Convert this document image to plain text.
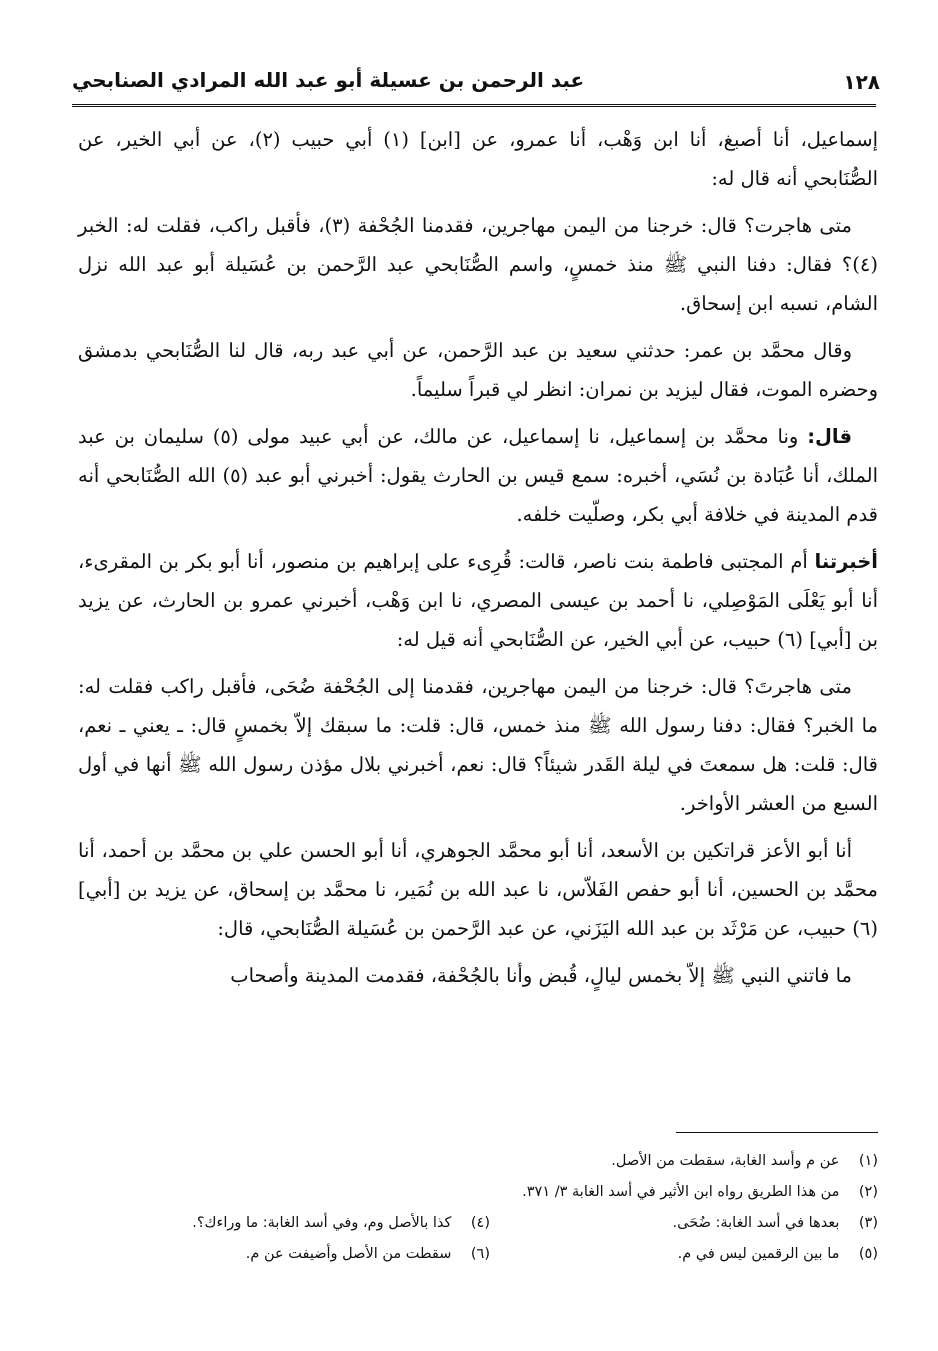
١٢٨
عبد الرحمن بن عسيلة أبو عبد الله المرادي الصنابحي

إسماعيل، أنا أصبغ، أنا ابن وَهْب، أنا عمرو، عن [ابن] (١) أبي حبيب (٢)، عن أبي الخير، عن الصُّنَابحي أنه قال له:

متى هاجرت؟ قال: خرجنا من اليمن مهاجرين، فقدمنا الجُحْفة (٣)، فأقبل راكب، فقلت له: الخبر (٤)؟ فقال: دفنا النبي ﷺ منذ خمسٍ، واسم الصُّنَابحي عبد الرَّحمن بن عُسَيلة أبو عبد الله نزل الشام، نسبه ابن إسحاق.

وقال محمَّد بن عمر: حدثني سعيد بن عبد الرَّحمن، عن أبي عبد ربه، قال لنا الصُّنَابحي بدمشق وحضره الموت، فقال ليزيد بن نمران: انظر لي قبراً سليماً.

قال: ونا محمَّد بن إسماعيل، نا إسماعيل، عن مالك، عن أبي عبيد مولى (٥) سليمان بن عبد الملك، أنا عُبَادة بن نُسَي، أخبره: سمع قيس بن الحارث يقول: أخبرني أبو عبد (٥) الله الصُّنَابحي أنه قدم المدينة في خلافة أبي بكر، وصلّيت خلفه.

أخبرتنا أم المجتبى فاطمة بنت ناصر، قالت: قُرِىء على إبراهيم بن منصور، أنا أبو بكر بن المقرىء، أنا أبو يَعْلَى المَوْصِلي، نا أحمد بن عيسى المصري، نا ابن وَهْب، أخبرني عمرو بن الحارث، عن يزيد بن [أبي] (٦) حبيب، عن أبي الخير، عن الصُّنَابحي أنه قيل له:

متى هاجرتَ؟ قال: خرجنا من اليمن مهاجرين، فقدمنا إلى الجُحْفة ضُحَى، فأقبل راكب فقلت له: ما الخبر؟ فقال: دفنا رسول الله ﷺ منذ خمس، قال: قلت: ما سبقك إلاّ بخمسٍ قال: ـ يعني ـ نعم، قال: قلت: هل سمعتَ في ليلة القَدر شيئاً؟ قال: نعم، أخبرني بلال مؤذن رسول الله ﷺ أنها في أول السبع من العشر الأواخر.

أنا أبو الأعز قراتكين بن الأسعد، أنا أبو محمَّد الجوهري، أنا أبو الحسن علي بن محمَّد بن أحمد، أنا محمَّد بن الحسين، أنا أبو حفص الفَلاّس، نا عبد الله بن نُمَير، نا محمَّد بن إسحاق، عن يزيد بن [أبي] (٦) حبيب، عن مَرْثَد بن عبد الله اليَزَني، عن عبد الرَّحمن بن عُسَيلة الصُّنَابحي، قال:

ما فاتني النبي ﷺ إلاّ بخمس ليالٍ، قُبض وأنا بالجُحْفة، فقدمت المدينة وأصحاب

(١) عن م وأسد الغابة، سقطت من الأصل.
(٢) من هذا الطريق رواه ابن الأثير في أسد الغابة ٣/ ٣٧١.
(٣) بعدها في أسد الغابة: ضُحَى.
(٤) كذا بالأصل وم، وفي أسد الغابة: ما وراءك؟.
(٥) ما بين الرقمين ليس في م.
(٦) سقطت من الأصل وأضيفت عن م.
